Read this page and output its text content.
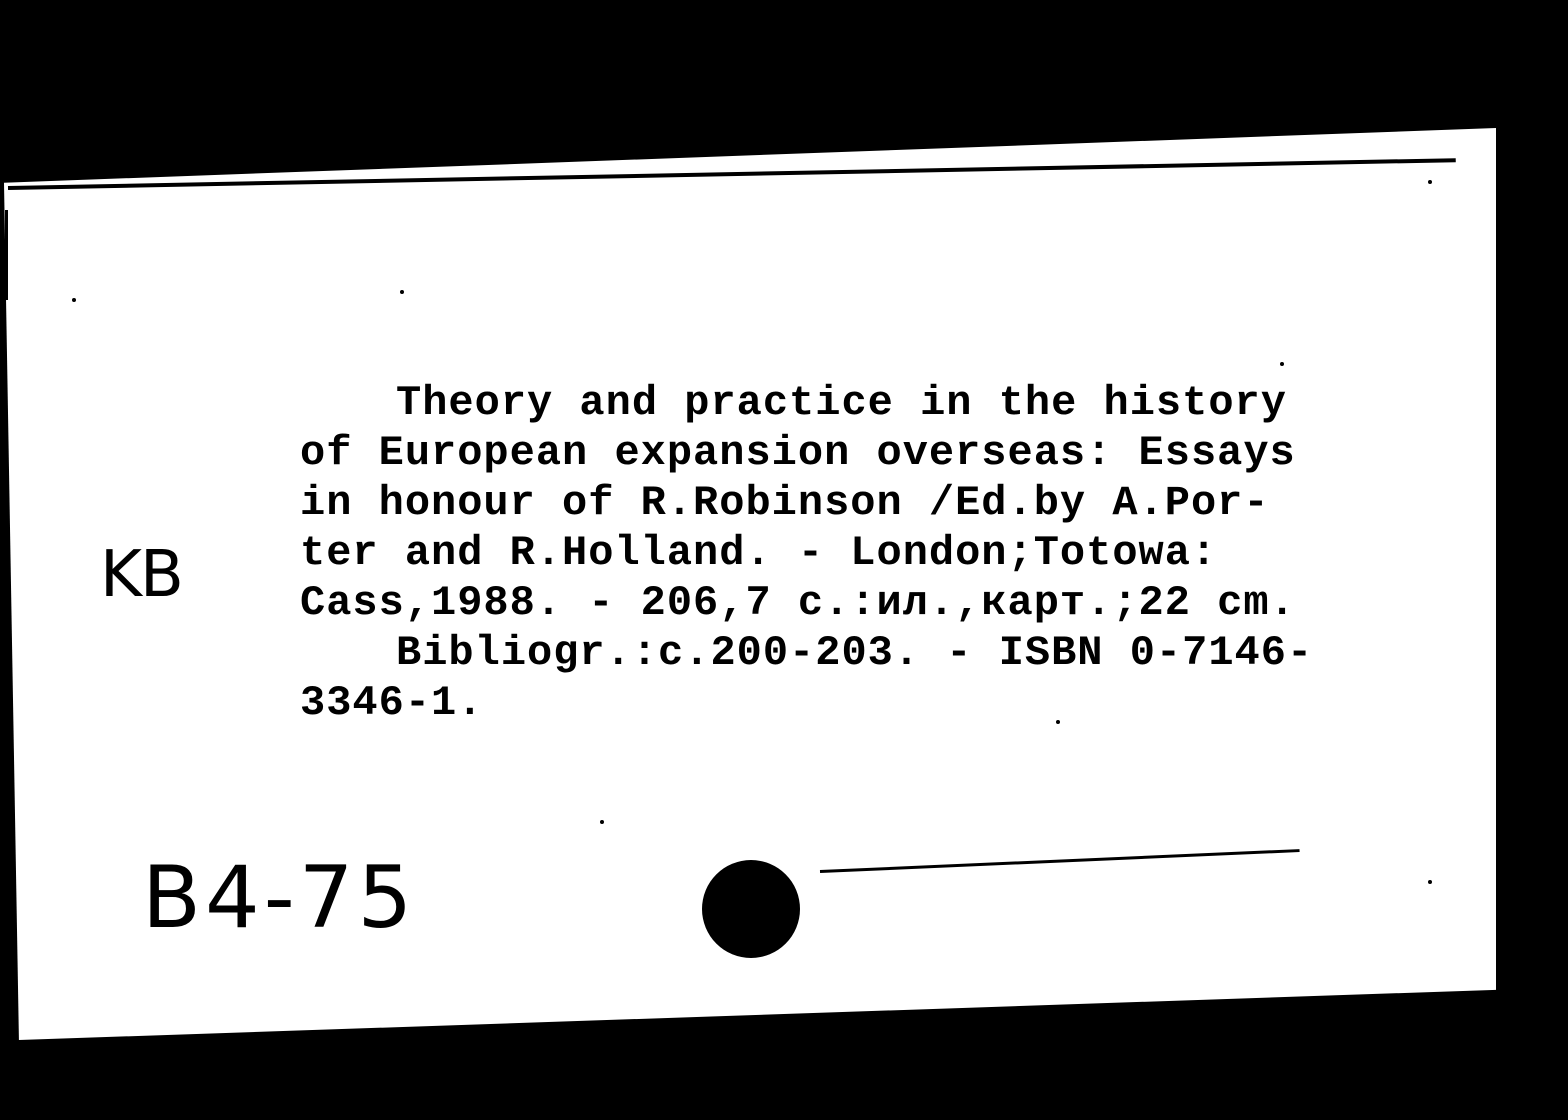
Theory and practice in the history
of European expansion overseas: Essays
in honour of R.Robinson /Ed.by A.Por-
ter and R.Holland. - London;Totowa:
Cass,1988. - 206,7 c.:ил.,карт.;22 cm.
Bibliogr.:c.200-203. - ISBN 0-7146-
3346-1.
KB
B4-75
